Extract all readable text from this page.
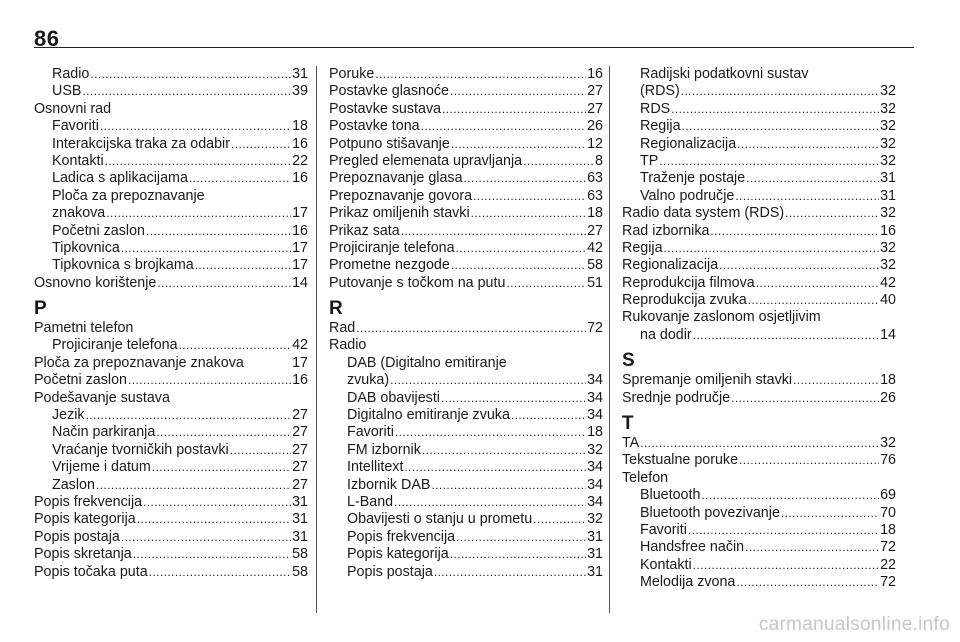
86
Radio .....	31
USB .....	39
Osnovni rad
Favoriti .....	18
Interakcijska traka za odabir .....	16
Kontakti .....	22
Ladica s aplikacijama .....	16
Ploča za prepoznavanje
znakova .....	17
Početni zaslon .....	16
Tipkovnica .....	17
Tipkovnica s brojkama .....	17
Osnovno korištenje .....	14
P
Pametni telefon
Projiciranje telefona .....	42
Ploča za prepoznavanje znakova	17
Početni zaslon .....	16
Podešavanje sustava
Jezik .....	27
Način parkiranja .....	27
Vraćanje tvorničkih postavki .....	27
Vrijeme i datum .....	27
Zaslon .....	27
Popis frekvencija .....	31
Popis kategorija .....	31
Popis postaja .....	31
Popis skretanja .....	58
Popis točaka puta .....	58
Poruke .....	16
Postavke glasnoće .....	27
Postavke sustava .....	27
Postavke tona .....	26
Potpuno stišavanje .....	12
Pregled elemenata upravljanja .....	8
Prepoznavanje glasa .....	63
Prepoznavanje govora .....	63
Prikaz omiljenih stavki .....	18
Prikaz sata .....	27
Projiciranje telefona .....	42
Prometne nezgode .....	58
Putovanje s točkom na putu .....	51
R
Rad .....	72
Radio
DAB (Digitalno emitiranje
zvuka) .....	34
DAB obavijesti .....	34
Digitalno emitiranje zvuka .....	34
Favoriti .....	18
FM izbornik .....	32
Intellitext .....	34
Izbornik DAB .....	34
L-Band .....	34
Obavijesti o stanju u prometu .....	32
Popis frekvencija .....	31
Popis kategorija .....	31
Popis postaja .....	31
Radijski podatkovni sustav
(RDS) .....	32
RDS .....	32
Regija .....	32
Regionalizacija .....	32
TP .....	32
Traženje postaje .....	31
Valno područje .....	31
Radio data system (RDS) .....	32
Rad izbornika .....	16
Regija .....	32
Regionalizacija .....	32
Reprodukcija filmova .....	42
Reprodukcija zvuka .....	40
Rukovanje zaslonom osjetljivim
na dodir .....	14
S
Spremanje omiljenih stavki .....	18
Srednje područje .....	26
T
TA .....	32
Tekstualne poruke .....	76
Telefon
Bluetooth .....	69
Bluetooth povezivanje .....	70
Favoriti .....	18
Handsfree način .....	72
Kontakti .....	22
Melodija zvona .....	72
carmanualsonline.info
